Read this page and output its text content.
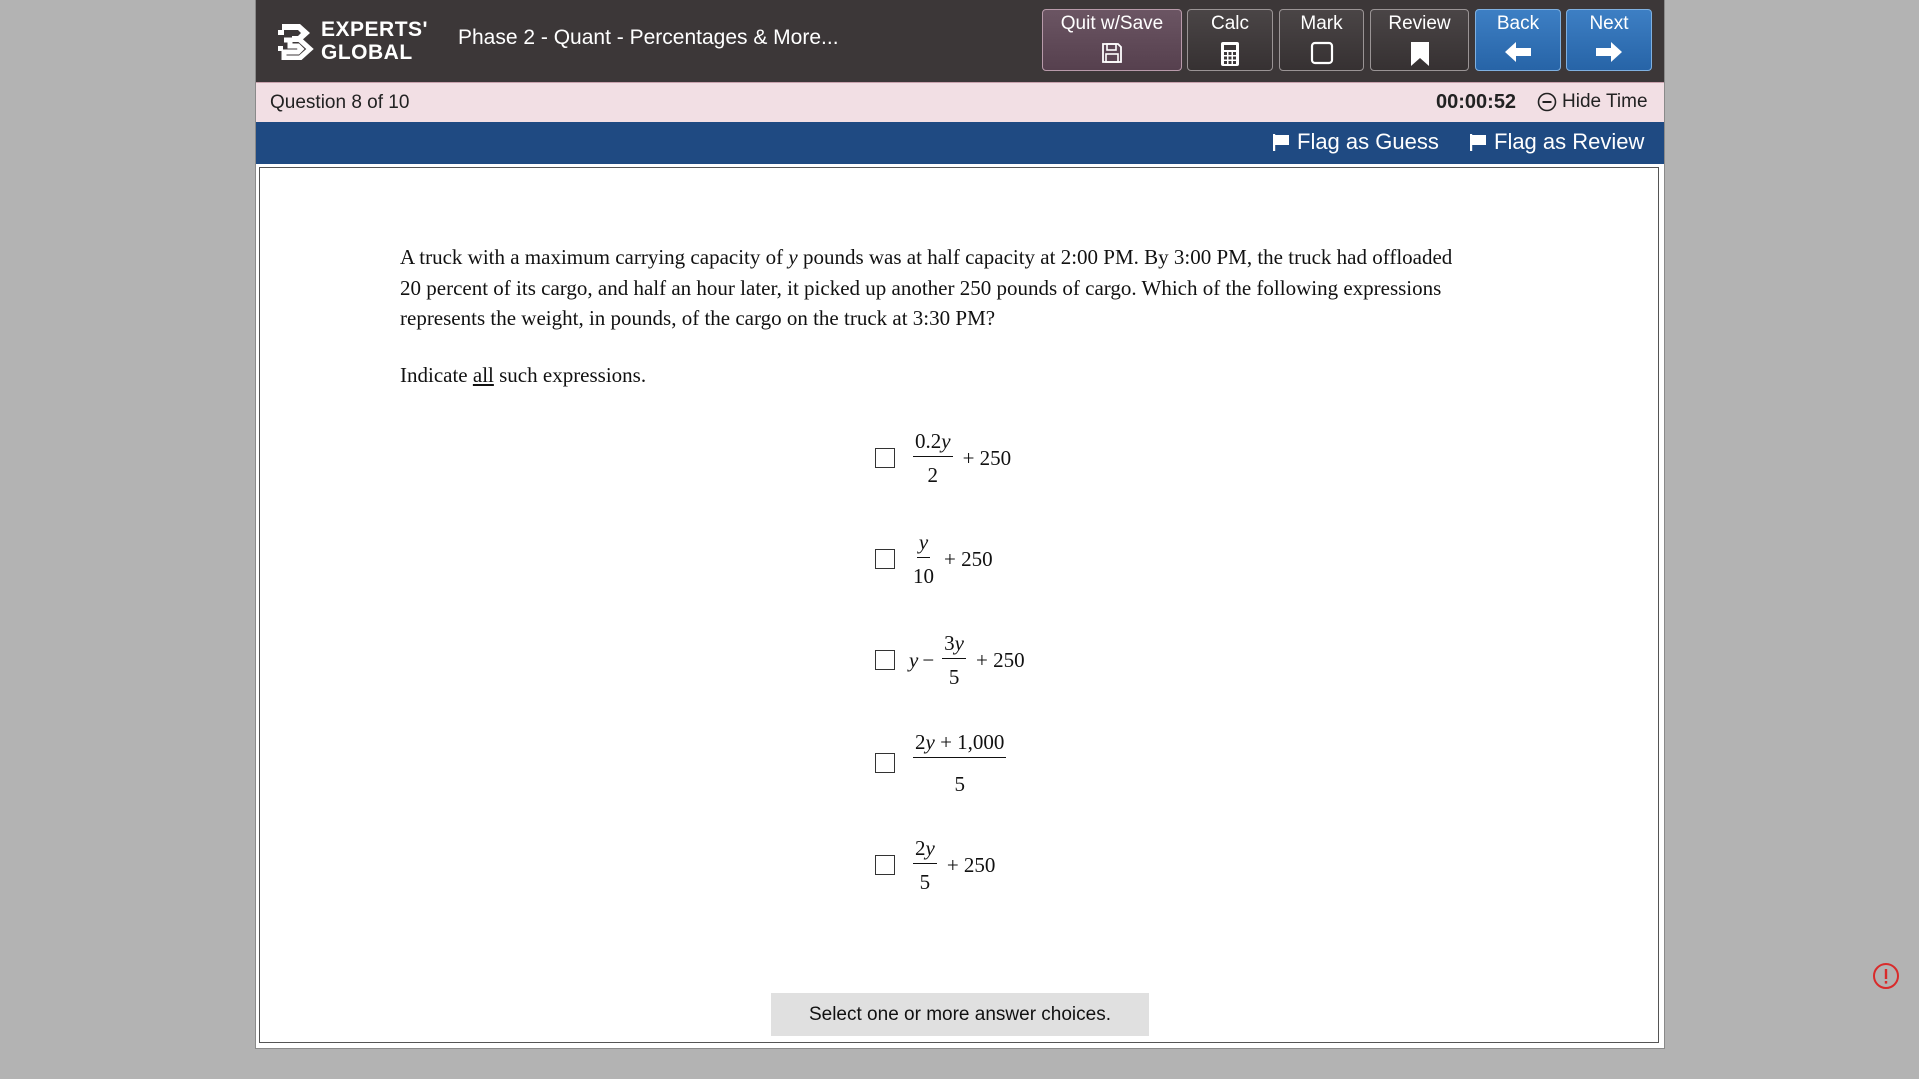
EXPERTS'
GLOBAL
Phase 2 - Quant - Percentages & More...
Quit w/Save	Calc	Mark	Review	Back	Next
Question 8 of 10	00:00:52 Hide Time
Flag as Guess	Flag as Review
A truck with a maximum carrying capacity of y pounds was at half capacity at 2:00 PM. By 3:00 PM, the truck had offloaded 20 percent of its cargo, and half an hour later, it picked up another 250 pounds of cargo. Which of the following expressions represents the weight, in pounds, of the cargo on the truck at 3:30 PM?
Indicate all such expressions.
$\frac{0.2y}{2} + 250$
$\frac{y}{10} + 250$
$y - \frac{3y}{5} + 250$
$\frac{2y + 1,000}{5}$
$\frac{2y}{5} + 250$
Select one or more answer choices.
